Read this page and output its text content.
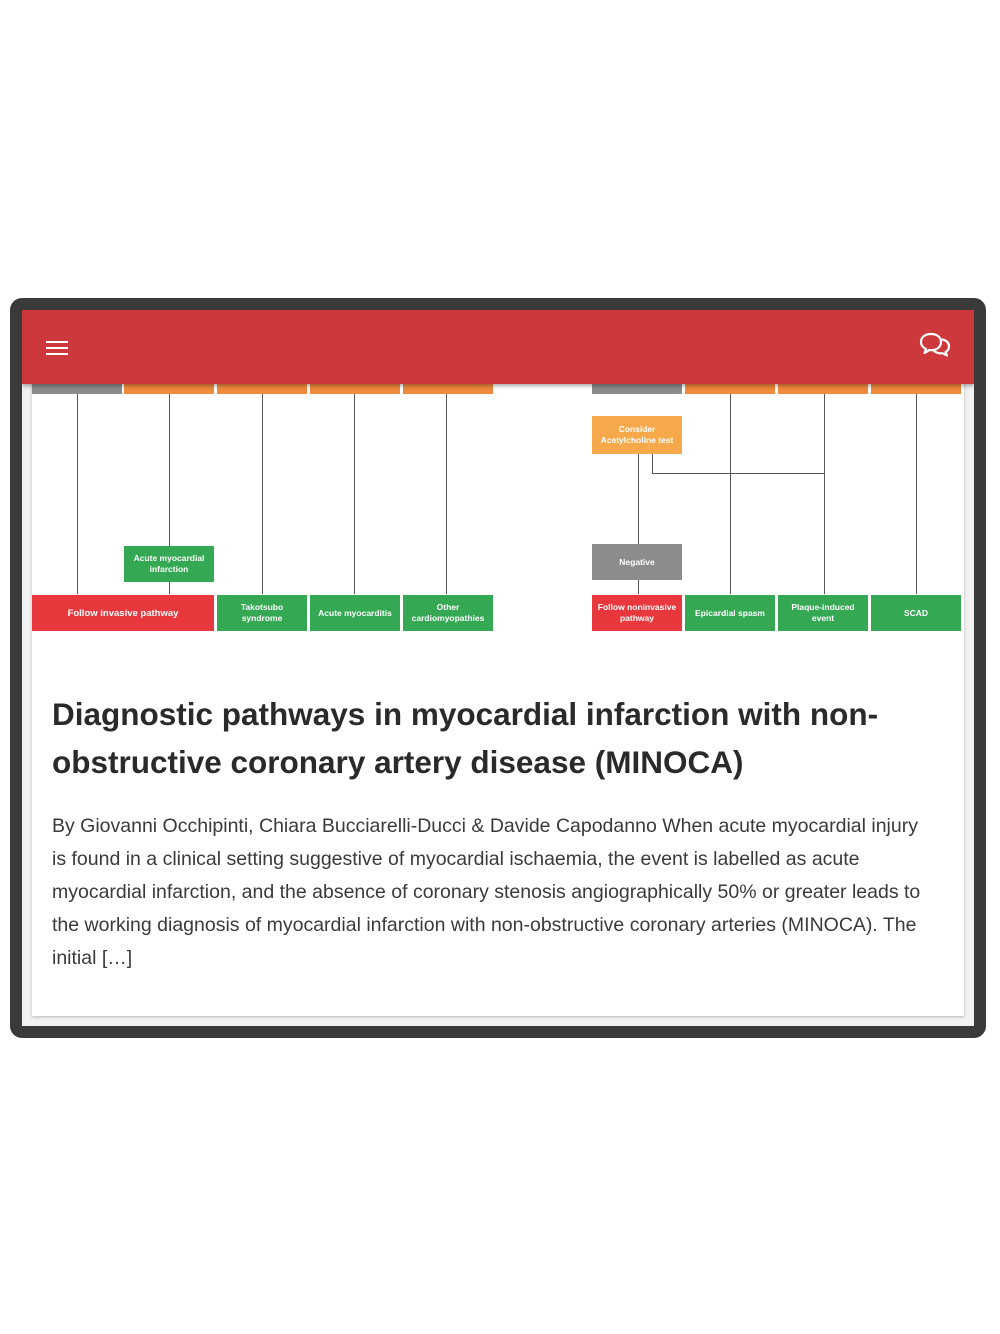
Acute myocardial infarction
Follow invasive pathway
Takotsubo syndrome
Acute myocarditis
Other cardiomyopathies
Consider Acetylcholine test
Negative
Follow noninvasive pathway
Epicardial spasm
Plaque-induced event
SCAD
Diagnostic pathways in myocardial infarction with non-obstructive coronary artery disease (MINOCA)

By Giovanni Occhipinti, Chiara Bucciarelli-Ducci & Davide Capodanno When acute myocardial injury is found in a clinical setting suggestive of myocardial ischaemia, the event is labelled as acute myocardial infarction, and the absence of coronary stenosis angiographically 50% or greater leads to the working diagnosis of myocardial infarction with non-obstructive coronary arteries (MINOCA). The initial […]
